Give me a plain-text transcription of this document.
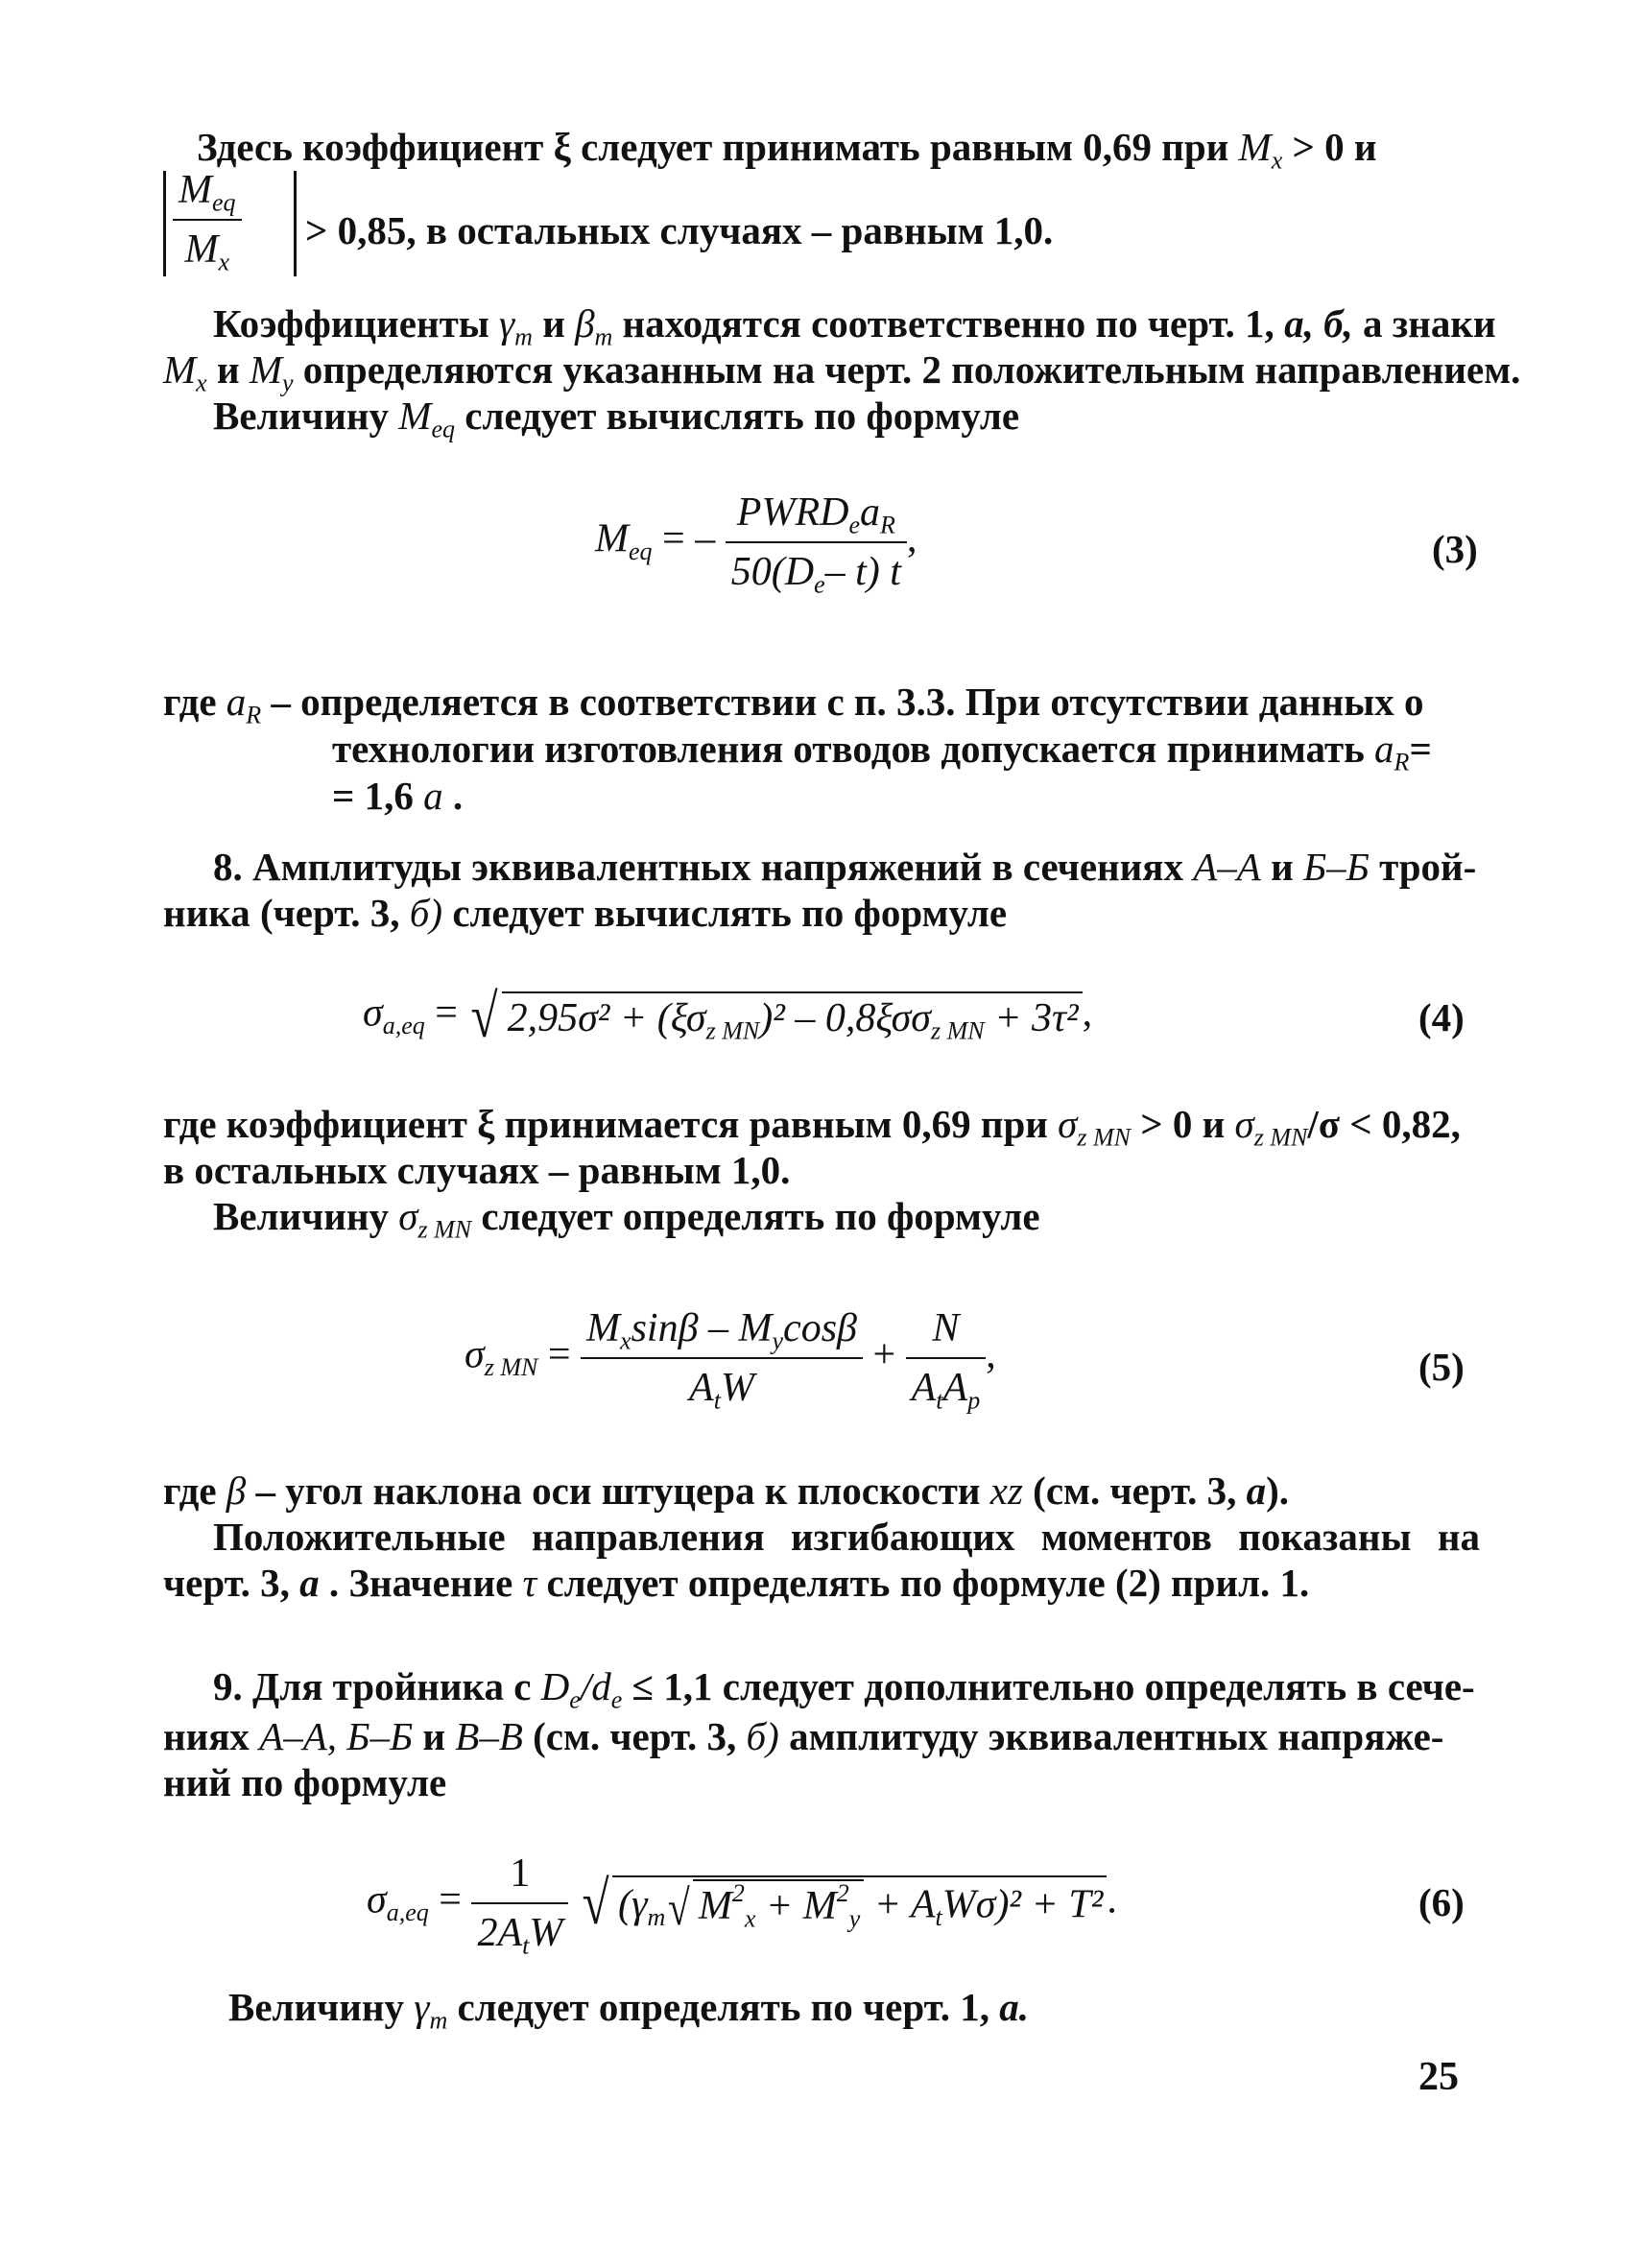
Здесь коэффициент ξ следует принимать равным 0,69 при $M_x > 0$ и
$\frac{M_{eq}}{M_x} > 0,85$, в остальных случаях – равным 1,0.
Коэффициенты $\gamma_m$ и $\beta_m$ находятся соответственно по черт. 1, а, б, а знаки
$M_x$ и $M_y$ определяются указанным на черт. 2 положительным направлением.
Величину $M_{eq}$ следует вычислять по формуле
$M_{eq}$ = – $\frac{PWRD_ea_R}{50(D_e- t) t}$ ,	(3)
где $a_R$ – определяется в соответствии с п. 3.3. При отсутствии данных о
технологии изготовления отводов допускается принимать $a_R=$
= 1,6 a .
8. Амплитуды эквивалентных напряжений в сечениях А–А и Б–Б трой-
ника (черт. 3, б) следует вычислять по формуле
$\sigma_{a,eq}$ = √ $2,95\sigma^2 + (\xi\sigma_{z MN})^2 - 0,8\xi\sigma\sigma_{z MN} + 3\tau^2$,	(4)
где коэффициент ξ принимается равным 0,69 при $\sigma_{z MN} > 0$ и $\sigma_{z MN}/\sigma < 0,82$,
в остальных случаях – равным 1,0.
Величину $\sigma_{z MN}$ следует определять по формуле
$\sigma_{z MN} = \frac{M_x\sin\beta - M_y\cos\beta}{A_tW} + \frac{N}{A_tA_p}$ ,	(5)
где β – угол наклона оси штуцера к плоскости xz (см. черт. 3, а).
Положительные направления изгибающих моментов показаны на
черт. 3, а . Значение τ следует определять по формуле (2) прил. 1.
9. Для тройника с $D_e/d_e \le 1,1$ следует дополнительно определять в сече-
ниях А–А, Б–Б и В–В (см. черт. 3, б) амплитуду эквивалентных напряже-
ний по формуле
$\sigma_{a,eq} = \frac{1}{2A_tW}$ √ ($\gamma_m√$ $M^2_x + M^2_y + A_tW\sigma)^2 + T^2$.	(6)
Величину $\gamma_m$ следует определять по черт. 1, а.
25
